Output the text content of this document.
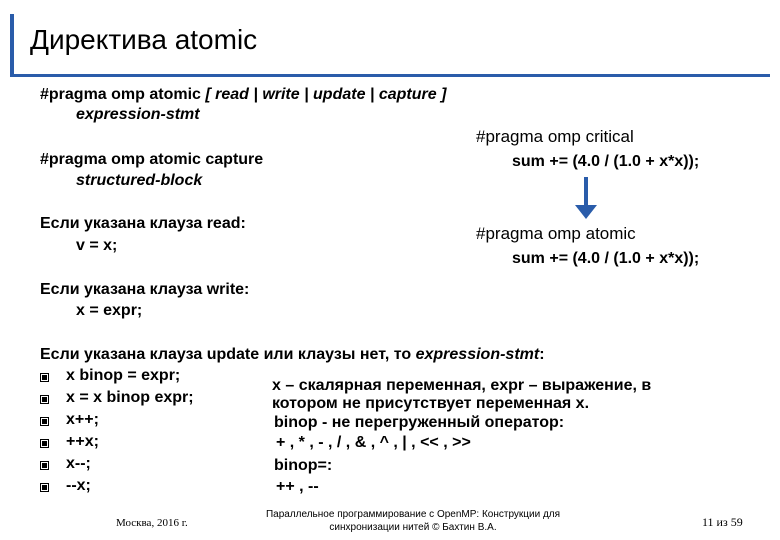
Директива atomic
#pragma omp atomic [ read | write | update | capture ]
expression-stmt
#pragma omp atomic capture
structured-block
Если указана клауза read:
v = x;
Если указана клауза write:
x = expr;
Если указана клауза update или клаузы нет, то expression-stmt:
x binop = expr;
x = x binop expr;
x++;
++x;
x--;
--x;
#pragma omp critical
sum += (4.0 / (1.0 + x*x));
#pragma omp atomic
sum += (4.0 / (1.0 + x*x));
x – скалярная переменная, expr – выражение, в
котором не присутствует переменная x.
binop - не перегруженный оператор:
+ , * , - , / , & , ^ , | , << , >>
binop=:
++ , --
Москва, 2016 г.
Параллельное программирование с OpenMP: Конструкции для синхронизации нитей © Бахтин В.А.	11 из 59
